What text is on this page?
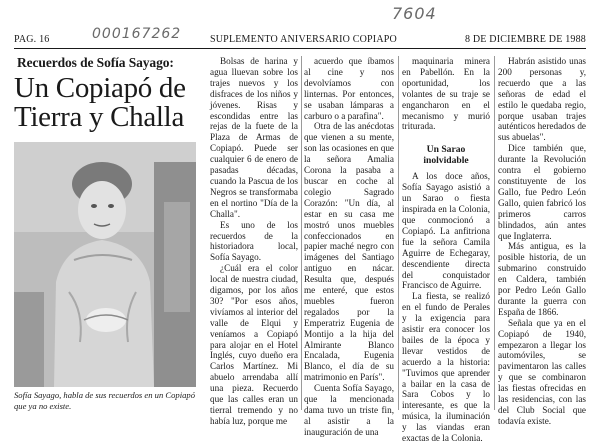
7604
PAG. 16	000167262	SUPLEMENTO ANIVERSARIO COPIAPO	8 DE DICIEMBRE DE 1988
Recuerdos de Sofía Sayago:
Un Copiapó de
Tierra y Challa
Sofía Sayago, habla de sus recuerdos en un Copiapó que ya no existe.

Bolsas de harina y agua lluevan sobre los trajes nuevos y los disfraces de los niños y jóvenes. Risas y escondidas entre las rejas de la fuete de la Plaza de Armas de Copiapó. Puede ser cualquier 6 de enero de pasadas décadas, cuando la Pascua de los Negros se transformaba en el nortino "Día de la Challa".

Es uno de los recuerdos de la historiadora local, Sofía Sayago.

¿Cuál era el color local de nuestra ciudad, digamos, por los años 30? "Por esos años, vivíamos al interior del valle de Elqui y veníamos a Copiapó para alojar en el Hotel Inglés, cuyo dueño era Carlos Martínez. Mi abuelo arrendaba allí una pieza. Recuerdo que las calles eran un tierral tremendo y no había luz, porque me

acuerdo que íbamos al cine y nos devolvíamos con linternas. Por entonces, se usaban lámparas a carburo o a parafina".

Otra de las anécdotas que vienen a su mente, son las ocasiones en que la señora Amalia Corona la pasaba a buscar en coche al colegio Sagrado Corazón: "Un día, al estar en su casa me mostró unos muebles confeccionados en papier maché negro con imágenes del Santiago antiguo en nácar. Resulta que, después me enteré, que estos muebles fueron regalados por la Emperatriz Eugenia de Montijo a la hija del Almirante Blanco Encalada, Eugenia Blanco, el día de su matrimonio en París".

Cuenta Sofía Sayago, que la mencionada dama tuvo un triste fin, al asistir a la inauguración de una

maquinaria minera en Pabellón. En la oportunidad, los volantes de su traje se engancharon en el mecanismo y murió triturada.

Un Sarao
inolvidable

A los doce años, Sofía Sayago asistió a un Sarao o fiesta inspirada en la Colonia, que conmocionó a Copiapó. La anfitriona fue la señora Camila Aguirre de Echegaray, descendiente directa del conquistador Francisco de Aguirre.

La fiesta, se realizó en el fundo de Perales y la exigencia para asistir era conocer los bailes de la época y llevar vestidos de acuerdo a la historia: "Tuvimos que aprender a bailar en la casa de Sara Cobos y lo interesante, es que la música, la iluminación y las viandas eran exactas de la Colonia.

Habrán asistido unas 200 personas y, recuerdo que a las señoras de edad el estilo le quedaba regio, porque usaban trajes auténticos heredados de sus abuelas".

Dice también que, durante la Revolución contra el gobierno constituyente de los Gallo, fue Pedro León Gallo, quien fabricó los primeros carros blindados, aún antes que Inglaterra.

Más antigua, es la posible historia, de un submarino construido en Caldera, también por Pedro León Gallo durante la guerra con España de 1866.

Señala que ya en el Copiapó de 1940, empezaron a llegar los automóviles, se pavimentaron las calles y que se combinaron las fiestas ofrecidas en las residencias, con las del Club Social que todavía existe.
